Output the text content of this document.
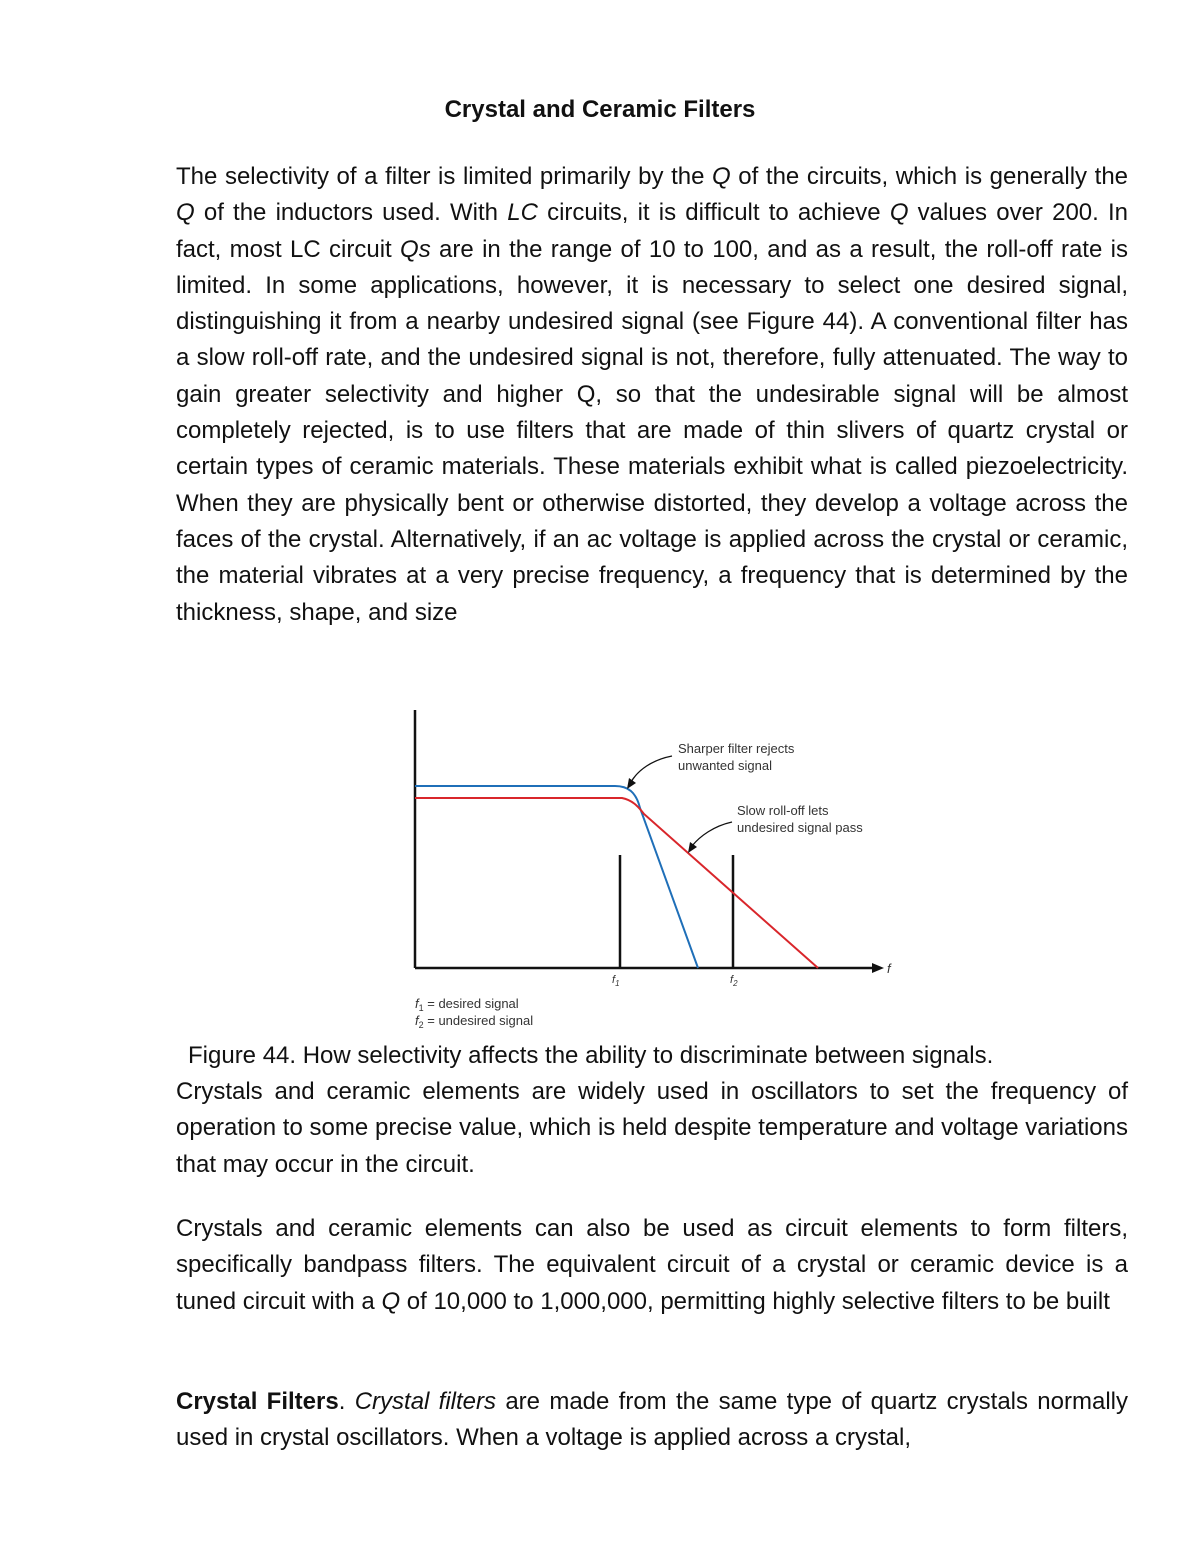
Crystal and Ceramic Filters

The selectivity of a filter is limited primarily by the Q of the circuits, which is generally the Q of the inductors used. With LC circuits, it is difficult to achieve Q values over 200. In fact, most LC circuit Qs are in the range of 10 to 100, and as a result, the roll-off rate is limited. In some applications, however, it is necessary to select one desired signal, distinguishing it from a nearby undesired signal (see Figure 44). A conventional filter has a slow roll-off rate, and the undesired signal is not, therefore, fully attenuated. The way to gain greater selectivity and higher Q, so that the undesirable signal will be almost completely rejected, is to use filters that are made of thin slivers of quartz crystal or certain types of ceramic materials. These materials exhibit what is called piezoelectricity. When they are physically bent or otherwise distorted, they develop a voltage across the faces of the crystal. Alternatively, if an ac voltage is applied across the crystal or ceramic, the material vibrates at a very precise frequency, a frequency that is determined by the thickness, shape, and size

f
$f_1$	$f_2$
Sharper filter rejects
unwanted signal
Slow roll-off lets
undesired signal pass
$f_1$ = desired signal
$f_2$ = undesired signal
Figure 44. How selectivity affects the ability to discriminate between signals.

Crystals and ceramic elements are widely used in oscillators to set the frequency of operation to some precise value, which is held despite temperature and voltage variations that may occur in the circuit.

Crystals and ceramic elements can also be used as circuit elements to form filters, specifically bandpass filters. The equivalent circuit of a crystal or ceramic device is a tuned circuit with a Q of 10,000 to 1,000,000, permitting highly selective filters to be built

Crystal Filters. Crystal filters are made from the same type of quartz crystals normally used in crystal oscillators. When a voltage is applied across a crystal,
